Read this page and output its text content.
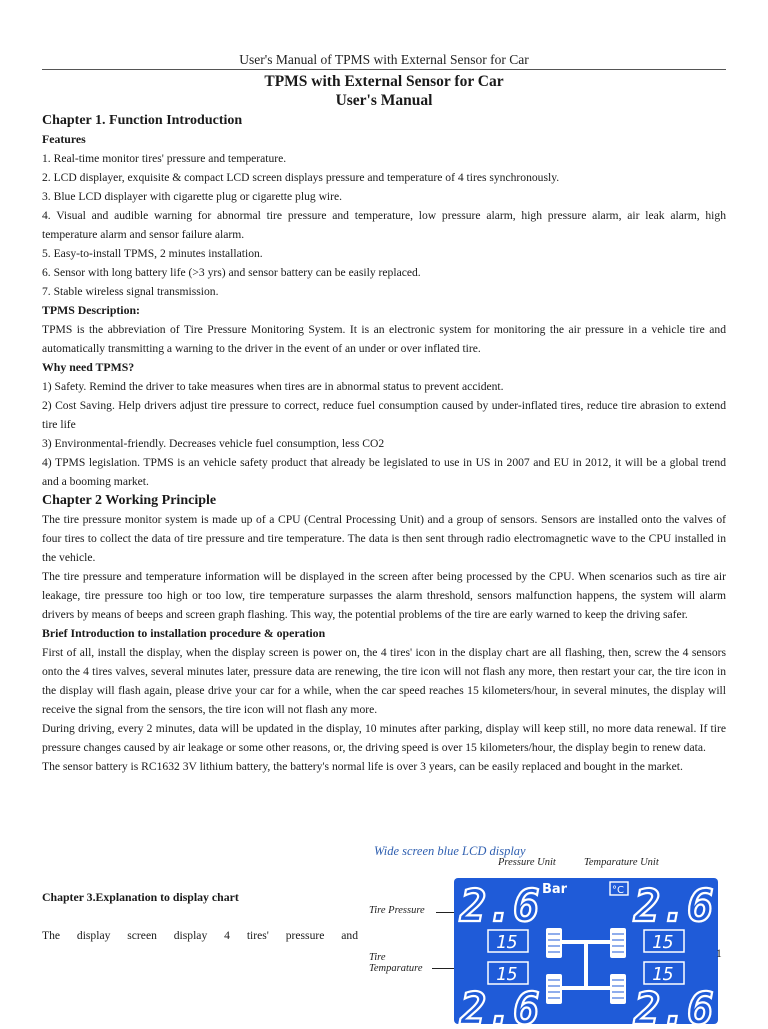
User's Manual of TPMS with External Sensor for Car
TPMS with External Sensor for Car
User's Manual

Chapter 1. Function Introduction

Features

1. Real-time monitor tires' pressure and temperature.

2. LCD displayer, exquisite & compact LCD screen displays pressure and temperature of 4 tires synchronously.

3. Blue LCD displayer with cigarette plug or cigarette plug wire.

4. Visual and audible warning for abnormal tire pressure and temperature, low pressure alarm, high pressure alarm, air leak alarm, high temperature alarm and sensor failure alarm.

5. Easy-to-install TPMS, 2 minutes installation.

6. Sensor with long battery life (>3 yrs) and sensor battery can be easily replaced.

7. Stable wireless signal transmission.

TPMS Description:

TPMS is the abbreviation of Tire Pressure Monitoring System. It is an electronic system for monitoring the air pressure in a vehicle tire and automatically transmitting a warning to the driver in the event of an under or over inflated tire.

Why need TPMS?

1) Safety. Remind the driver to take measures when tires are in abnormal status to prevent accident.

2) Cost Saving. Help drivers adjust tire pressure to correct, reduce fuel consumption caused by under-inflated tires, reduce tire abrasion to extend tire life

3) Environmental-friendly. Decreases vehicle fuel consumption, less CO2

4) TPMS legislation. TPMS is an vehicle safety product that already be legislated to use in US in 2007 and EU in 2012, it will be a global trend and a booming market.

Chapter 2 Working Principle

The tire pressure monitor system is made up of a CPU (Central Processing Unit) and a group of sensors. Sensors are installed onto the valves of four tires to collect the data of tire pressure and tire temperature. The data is then sent through radio electromagnetic wave to the CPU installed in the vehicle.

The tire pressure and temperature information will be displayed in the screen after being processed by the CPU. When scenarios such as tire air leakage, tire pressure too high or too low, tire temperature surpasses the alarm threshold, sensors malfunction happens, the system will alarm drivers by means of beeps and screen graph flashing. This way, the potential problems of the tire are early warned to keep the driving safer.

Brief Introduction to installation procedure & operation

First of all, install the display, when the display screen is power on, the 4 tires' icon in the display chart are all flashing, then, screw the 4 sensors onto the 4 tires valves, several minutes later, pressure data are renewing, the tire icon will not flash any more, then restart your car, the tire icon in the display will flash again, please drive your car for a while, when the car speed reaches 15 kilometers/hour, in several minutes, the display will receive the signal from the sensors, the tire icon will not flash any more.

During driving, every 2 minutes, data will be updated in the display, 10 minutes after parking, display will keep still, no more data renewal. If tire pressure changes caused by air leakage or some other reasons, or, the driving speed is over 15 kilometers/hour, the display begin to renew data.

The sensor battery is RC1632 3V lithium battery, the battery's normal life is over 3 years, can be easily replaced and bought in the market.

Chapter 3.Explanation to display chart
The display screen display 4 tires' pressure and
Wide screen blue LCD display
Pressure Unit	Temparature Unit
Tire Pressure
Tire
Temparature
2.6 2.6
2.6 2.6
Bar	°C
15	15
15	15
1
